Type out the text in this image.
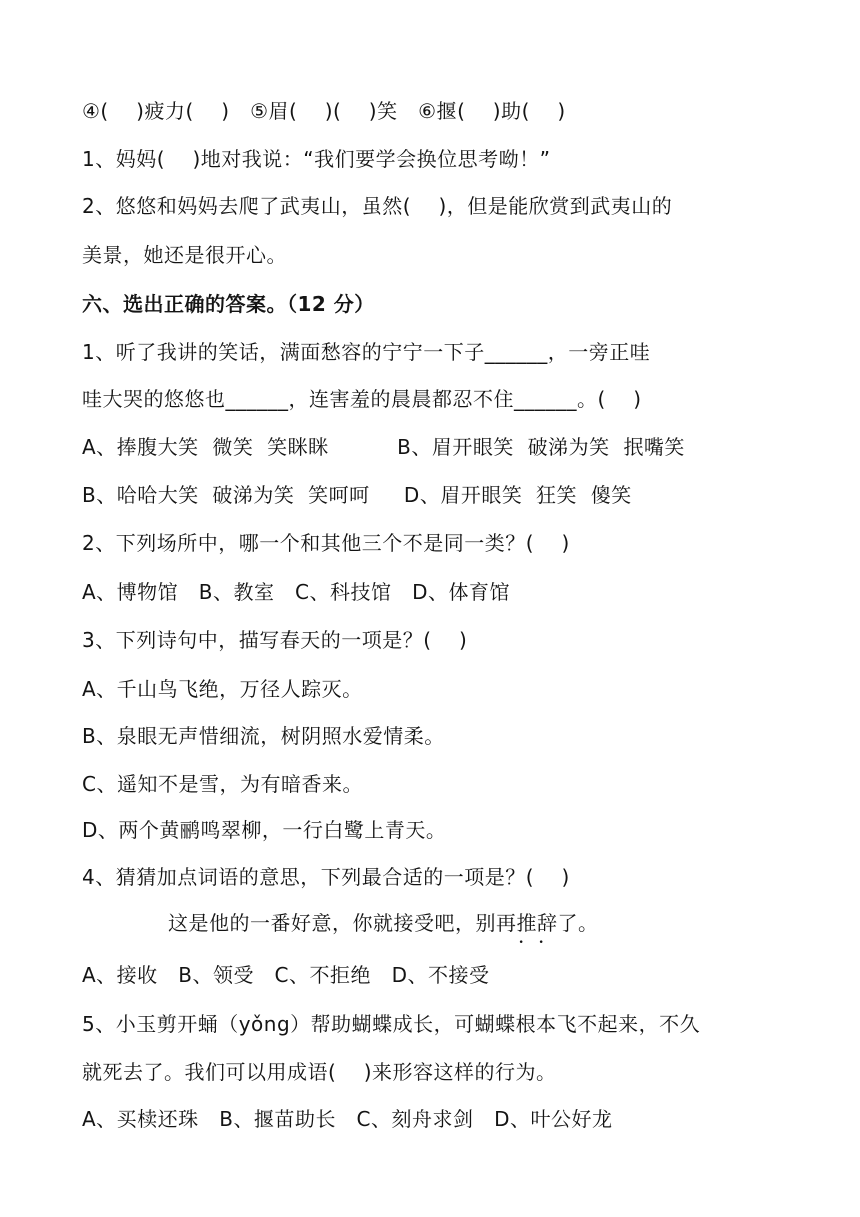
④(    )疲力(    )   ⑤眉(    )(    )笑   ⑥揠(    )助(    )

1、妈妈(    )地对我说：“我们要学会换位思考呦！”

2、悠悠和妈妈去爬了武夷山，虽然(    )，但是能欣赏到武夷山的

美景，她还是很开心。

六、选出正确的答案。（12 分）

1、听了我讲的笑话，满面愁容的宁宁一下子______，一旁正哇

哇大哭的悠悠也______，连害羞的晨晨都忍不住______。(    )

A、捧腹大笑  微笑  笑眯眯          B、眉开眼笑  破涕为笑  抿嘴笑

B、哈哈大笑  破涕为笑  笑呵呵     D、眉开眼笑  狂笑  傻笑

2、下列场所中，哪一个和其他三个不是同一类？(    )

A、博物馆   B、教室   C、科技馆   D、体育馆

3、下列诗句中，描写春天的一项是？(    )

A、千山鸟飞绝，万径人踪灭。

B、泉眼无声惜细流，树阴照水爱情柔。

C、遥知不是雪，为有暗香来。

D、两个黄鹂鸣翠柳，一行白鹭上青天。

4、猜猜加点词语的意思，下列最合适的一项是？(    )

这是他的一番好意，你就接受吧，别再推辞 •  •了。

A、接收   B、领受   C、不拒绝   D、不接受

5、小玉剪开蛹（yǒng）帮助蝴蝶成长，可蝴蝶根本飞不起来，不久

就死去了。我们可以用成语(    )来形容这样的行为。

A、买椟还珠   B、揠苗助长   C、刻舟求剑   D、叶公好龙
